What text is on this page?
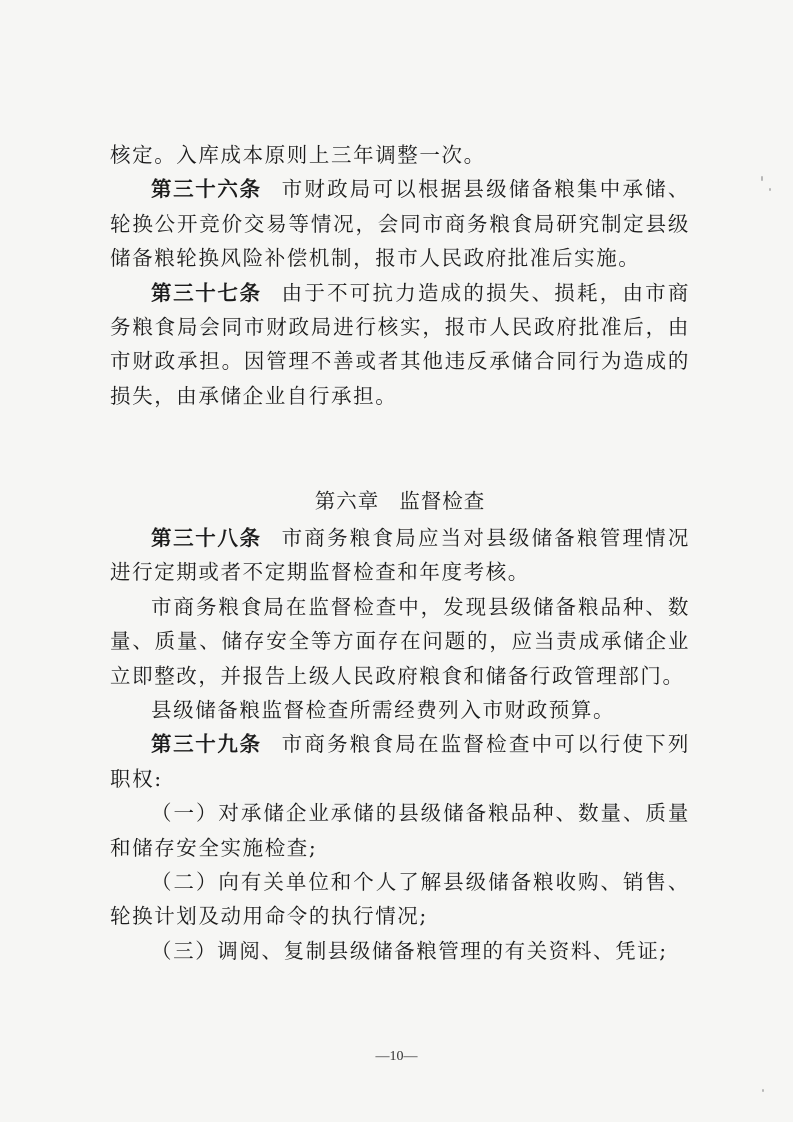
核定。入库成本原则上三年调整一次。

第三十六条 市财政局可以根据县级储备粮集中承储、轮换公开竞价交易等情况，会同市商务粮食局研究制定县级储备粮轮换风险补偿机制，报市人民政府批准后实施。

第三十七条 由于不可抗力造成的损失、损耗，由市商务粮食局会同市财政局进行核实，报市人民政府批准后，由市财政承担。因管理不善或者其他违反承储合同行为造成的损失，由承储企业自行承担。

第六章 监督检查

第三十八条 市商务粮食局应当对县级储备粮管理情况进行定期或者不定期监督检查和年度考核。

市商务粮食局在监督检查中，发现县级储备粮品种、数量、质量、储存安全等方面存在问题的，应当责成承储企业立即整改，并报告上级人民政府粮食和储备行政管理部门。

县级储备粮监督检查所需经费列入市财政预算。

第三十九条 市商务粮食局在监督检查中可以行使下列职权:

（一）对承储企业承储的县级储备粮品种、数量、质量和储存安全实施检查;

（二）向有关单位和个人了解县级储备粮收购、销售、轮换计划及动用命令的执行情况;

（三）调阅、复制县级储备粮管理的有关资料、凭证;

—10—
